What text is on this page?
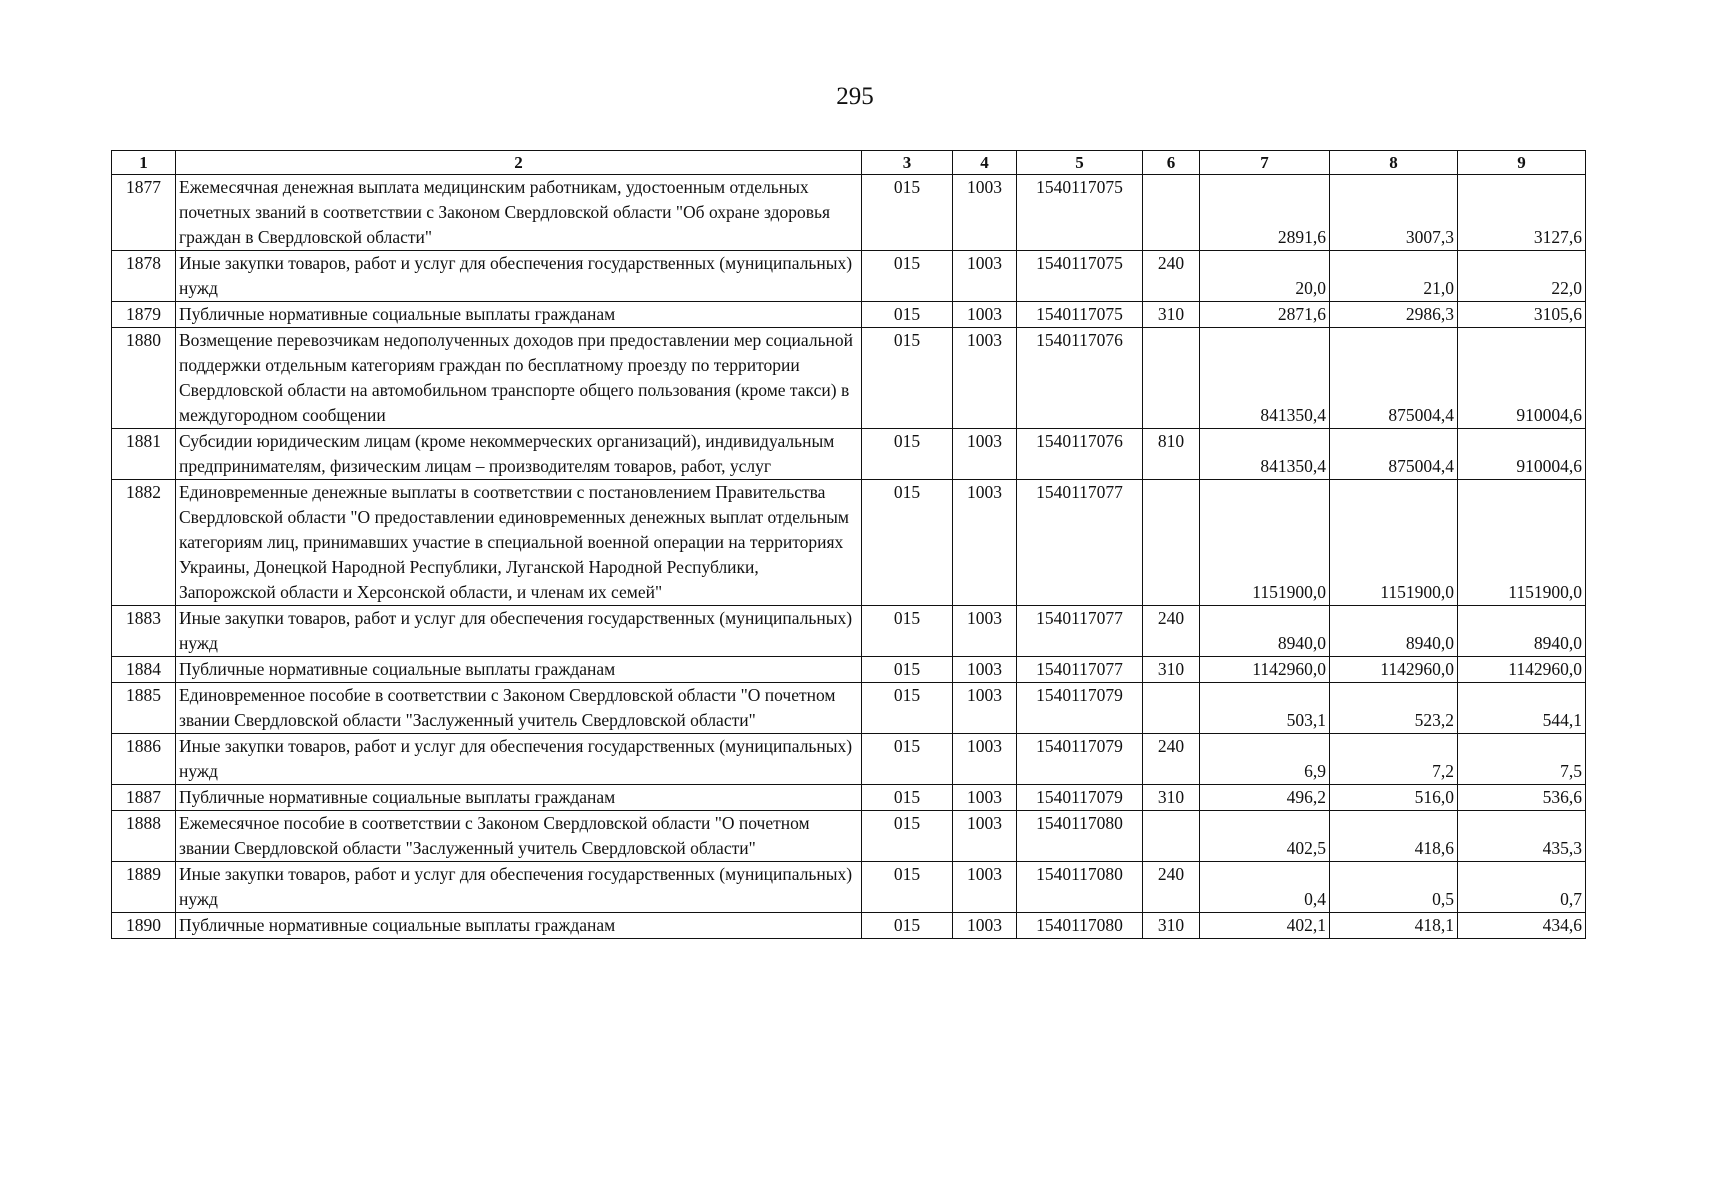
295
1	2	3	4	5	6	7	8	9
1877	Ежемесячная денежная выплата медицинским работникам, удостоенным отдельных почетных званий в соответствии с Законом Свердловской области "Об охране здоровья граждан в Свердловской области"	015	1003	1540117075		2891,6	3007,3	3127,6
1878	Иные закупки товаров, работ и услуг для обеспечения государственных (муниципальных) нужд	015	1003	1540117075	240	20,0	21,0	22,0
1879	Публичные нормативные социальные выплаты гражданам	015	1003	1540117075	310	2871,6	2986,3	3105,6
1880	Возмещение перевозчикам недополученных доходов при предоставлении мер социальной поддержки отдельным категориям граждан по бесплатному проезду по территории Свердловской области на автомобильном транспорте общего пользования (кроме такси) в междугородном сообщении	015	1003	1540117076		841350,4	875004,4	910004,6
1881	Субсидии юридическим лицам (кроме некоммерческих организаций), индивидуальным предпринимателям, физическим лицам – производителям товаров, работ, услуг	015	1003	1540117076	810	841350,4	875004,4	910004,6
1882	Единовременные денежные выплаты в соответствии с постановлением Правительства Свердловской области "О предоставлении единовременных денежных выплат отдельным категориям лиц, принимавших участие в специальной военной операции на территориях Украины, Донецкой Народной Республики, Луганской Народной Республики, Запорожской области и Херсонской области, и членам их семей"	015	1003	1540117077		1151900,0	1151900,0	1151900,0
1883	Иные закупки товаров, работ и услуг для обеспечения государственных (муниципальных) нужд	015	1003	1540117077	240	8940,0	8940,0	8940,0
1884	Публичные нормативные социальные выплаты гражданам	015	1003	1540117077	310	1142960,0	1142960,0	1142960,0
1885	Единовременное пособие в соответствии с Законом Свердловской области "О почетном звании Свердловской области "Заслуженный учитель Свердловской области"	015	1003	1540117079		503,1	523,2	544,1
1886	Иные закупки товаров, работ и услуг для обеспечения государственных (муниципальных) нужд	015	1003	1540117079	240	6,9	7,2	7,5
1887	Публичные нормативные социальные выплаты гражданам	015	1003	1540117079	310	496,2	516,0	536,6
1888	Ежемесячное пособие в соответствии с Законом Свердловской области "О почетном звании Свердловской области "Заслуженный учитель Свердловской области"	015	1003	1540117080		402,5	418,6	435,3
1889	Иные закупки товаров, работ и услуг для обеспечения государственных (муниципальных) нужд	015	1003	1540117080	240	0,4	0,5	0,7
1890	Публичные нормативные социальные выплаты гражданам	015	1003	1540117080	310	402,1	418,1	434,6
